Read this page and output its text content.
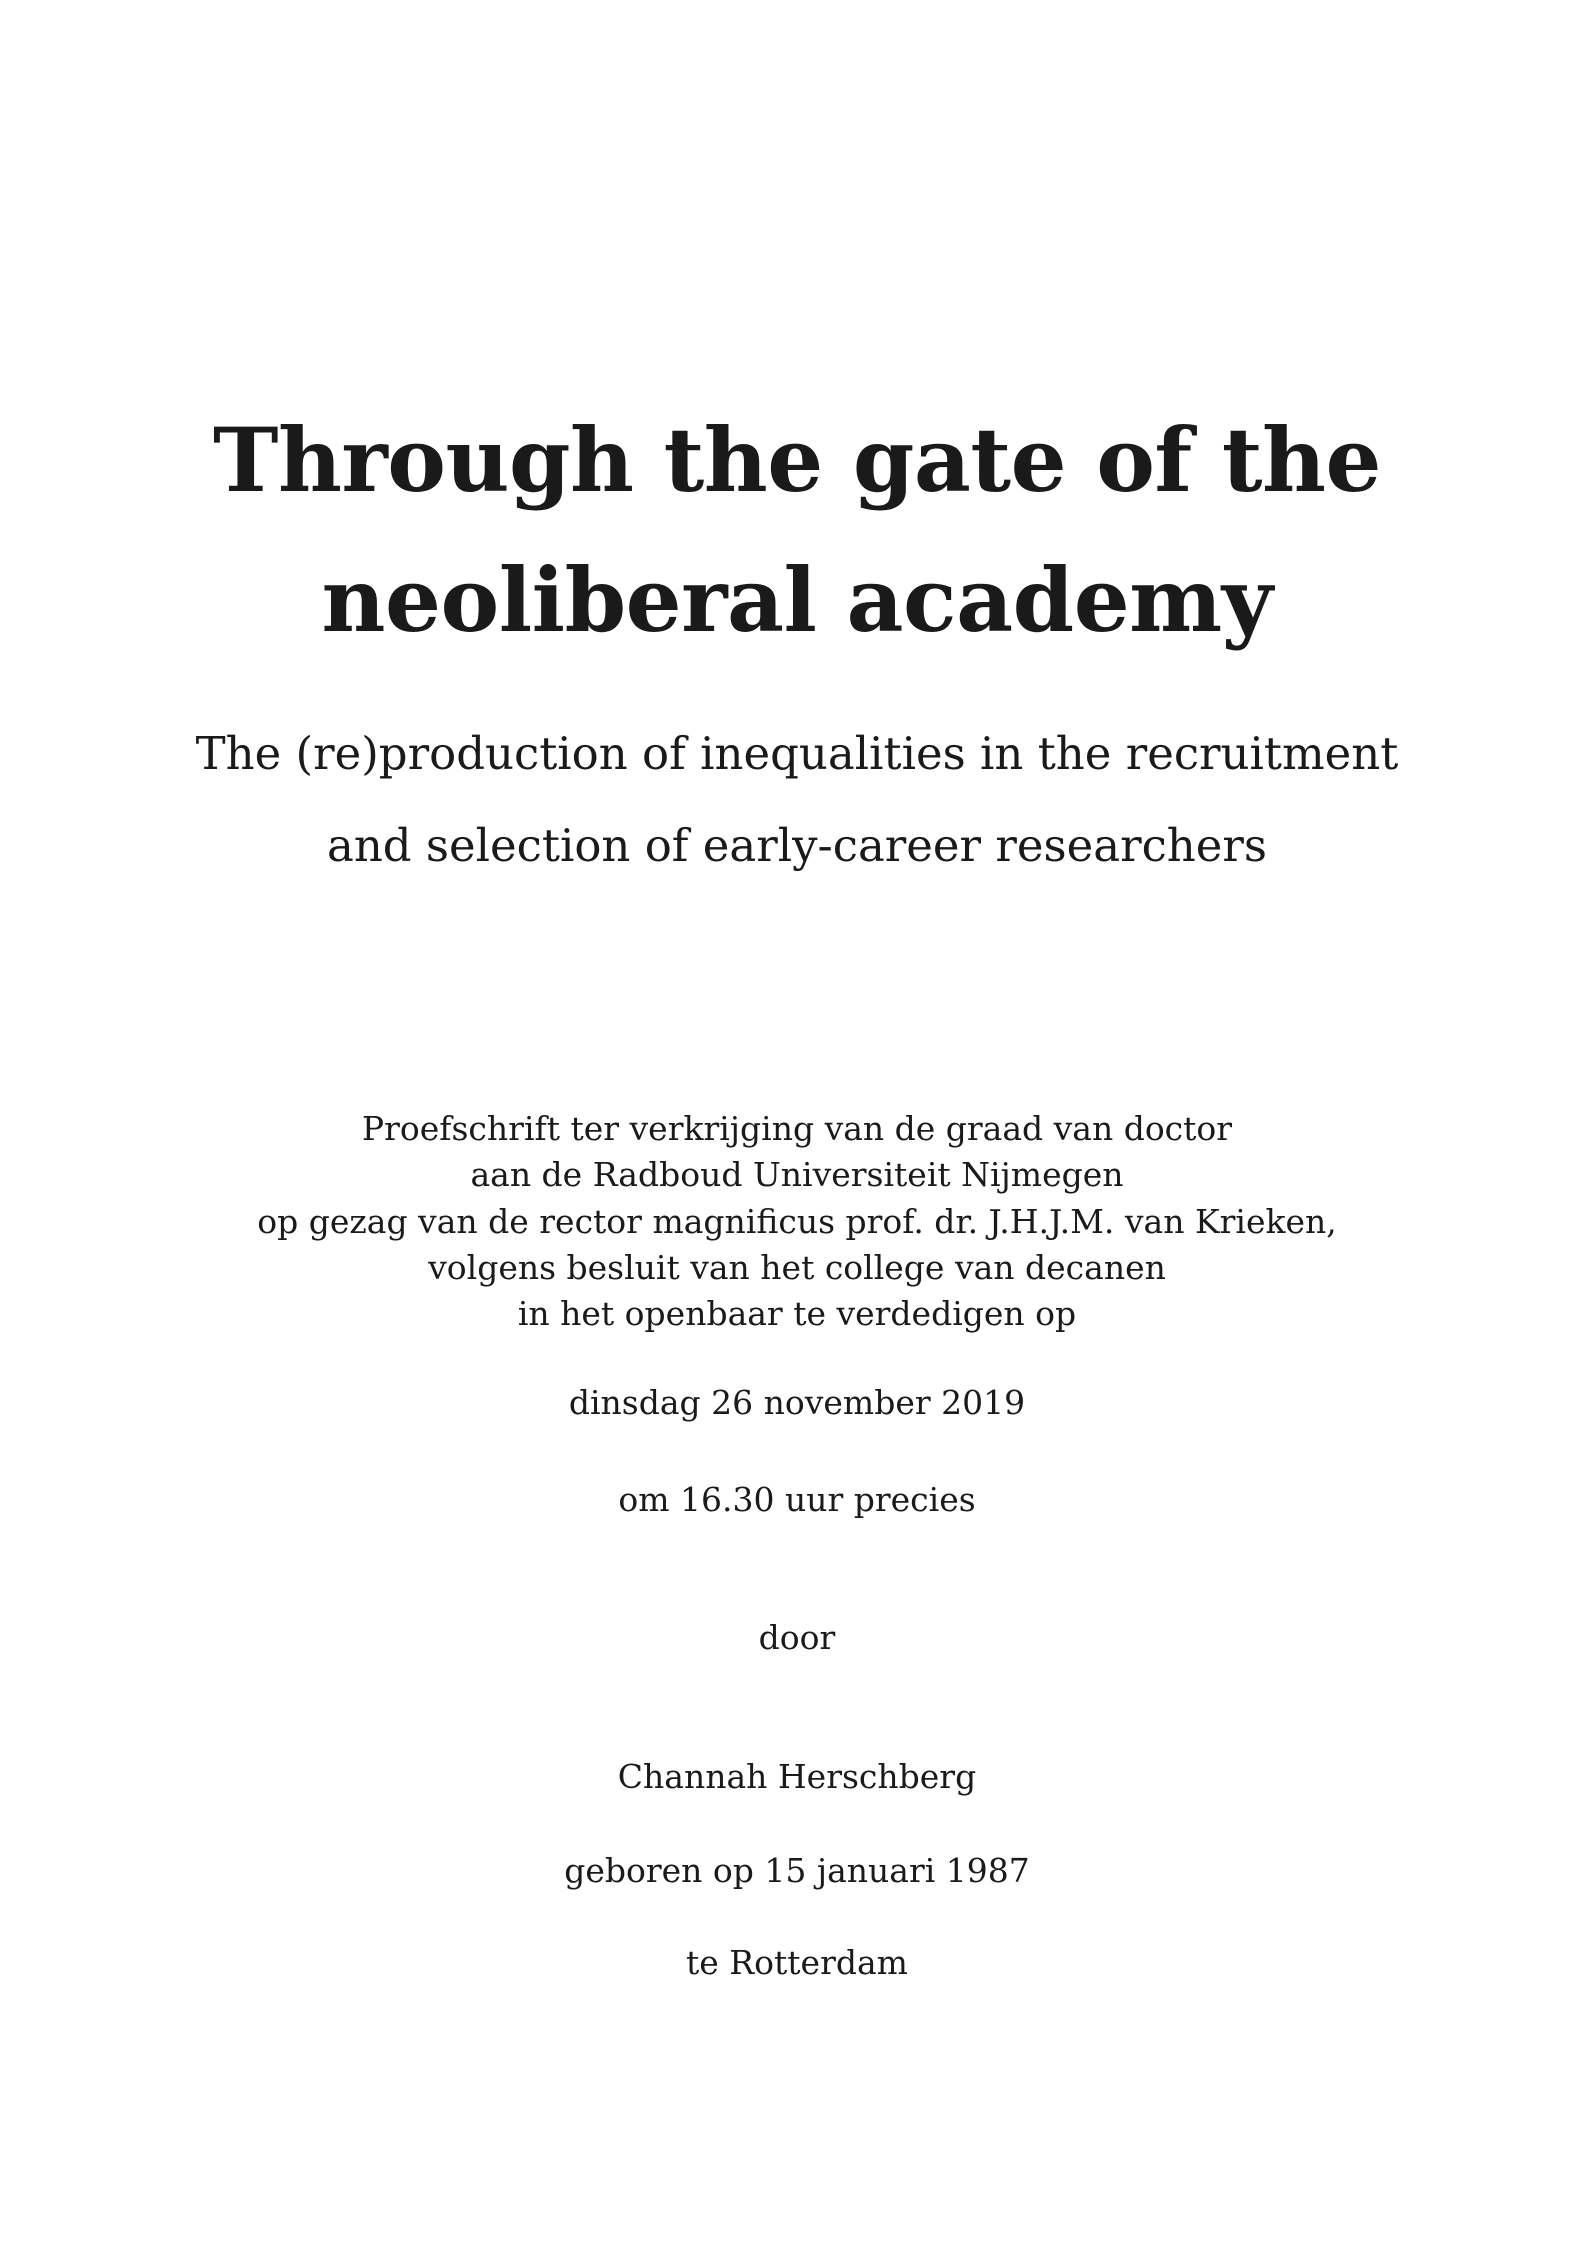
Through the gate of the
neoliberal academy
The (re)production of inequalities in the recruitment
and selection of early-career researchers
Proefschrift ter verkrijging van de graad van doctor
aan de Radboud Universiteit Nijmegen
op gezag van de rector magnificus prof. dr. J.H.J.M. van Krieken,
volgens besluit van het college van decanen
in het openbaar te verdedigen op
dinsdag 26 november 2019
om 16.30 uur precies
door
Channah Herschberg
geboren op 15 januari 1987
te Rotterdam
